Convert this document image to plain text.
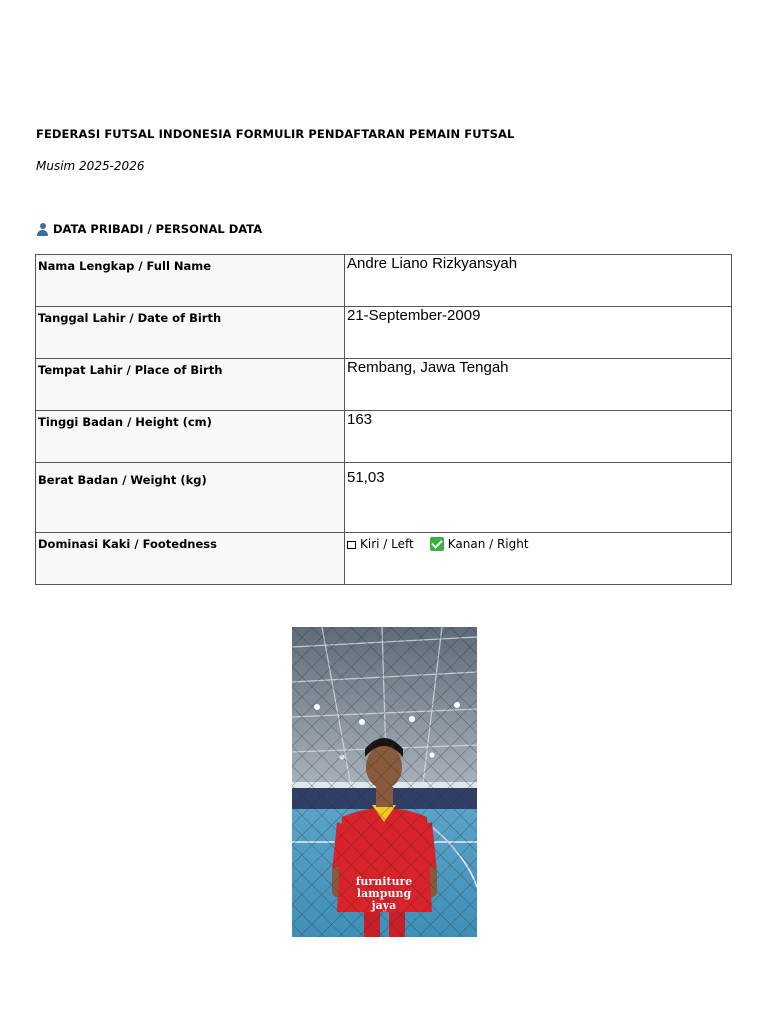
FEDERASI FUTSAL INDONESIA FORMULIR PENDAFTARAN PEMAIN FUTSAL
Musim 2025-2026
DATA PRIBADI / PERSONAL DATA
Nama Lengkap / Full Name	Andre Liano Rizkyansyah

Tanggal Lahir / Date of Birth	21-September-2009

Tempat Lahir / Place of Birth	Rembang, Jawa Tengah

Tinggi Badan / Height (cm)	163

Berat Badan / Weight (kg)	51,03

Dominasi Kaki / Footedness	Kiri / Left Kanan / Right
